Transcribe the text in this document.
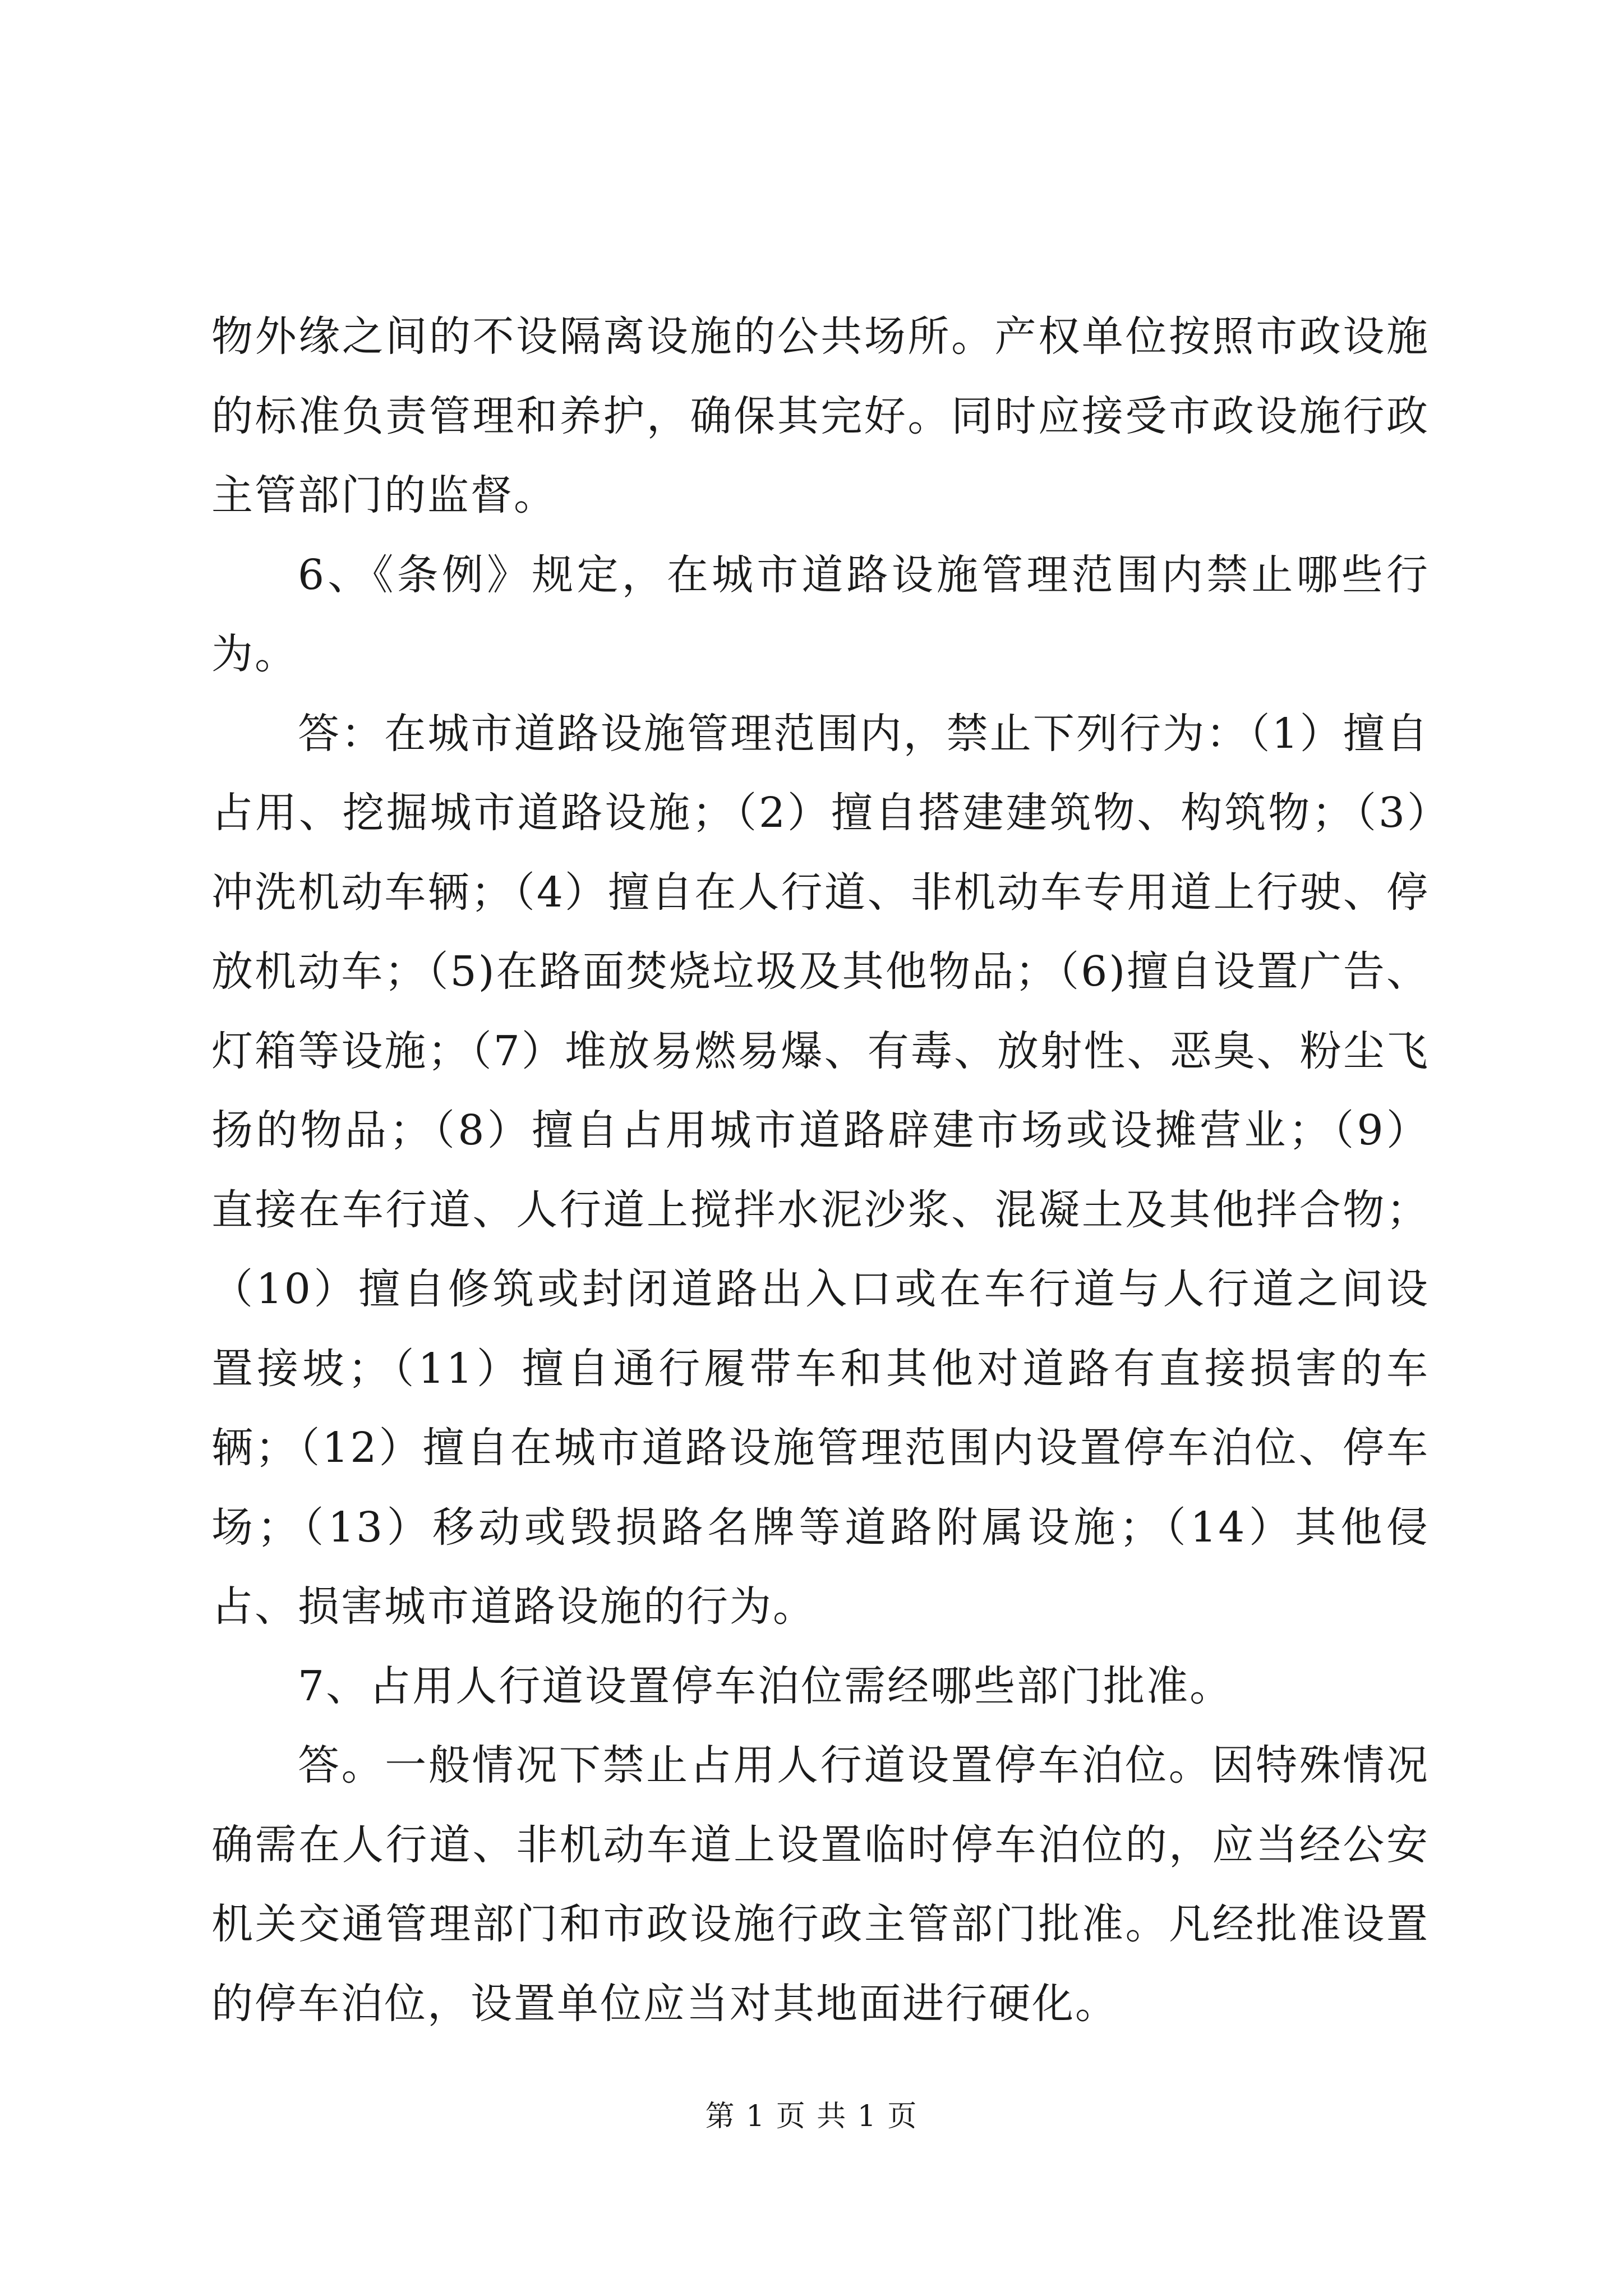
物外缘之间的不设隔离设施的公共场所。产权单位按照市政设施的标准负责管理和养护，确保其完好。同时应接受市政设施行政主管部门的监督。

6、《条例》规定，在城市道路设施管理范围内禁止哪些行为。

答：在城市道路设施管理范围内，禁止下列行为：（1）擅自占用、挖掘城市道路设施；（2）擅自搭建建筑物、构筑物；（3）冲洗机动车辆；（4）擅自在人行道、非机动车专用道上行驶、停放机动车；（5)在路面焚烧垃圾及其他物品；（6)擅自设置广告、灯箱等设施；（7）堆放易燃易爆、有毒、放射性、恶臭、粉尘飞扬的物品；（8）擅自占用城市道路辟建市场或设摊营业；（9）直接在车行道、人行道上搅拌水泥沙浆、混凝土及其他拌合物；（10）擅自修筑或封闭道路出入口或在车行道与人行道之间设置接坡；（11）擅自通行履带车和其他对道路有直接损害的车辆；（12）擅自在城市道路设施管理范围内设置停车泊位、停车场；（13）移动或毁损路名牌等道路附属设施；（14）其他侵占、损害城市道路设施的行为。

7、占用人行道设置停车泊位需经哪些部门批准。

答。一般情况下禁止占用人行道设置停车泊位。因特殊情况确需在人行道、非机动车道上设置临时停车泊位的，应当经公安机关交通管理部门和市政设施行政主管部门批准。凡经批准设置的停车泊位，设置单位应当对其地面进行硬化。

第 1 页 共 1 页
